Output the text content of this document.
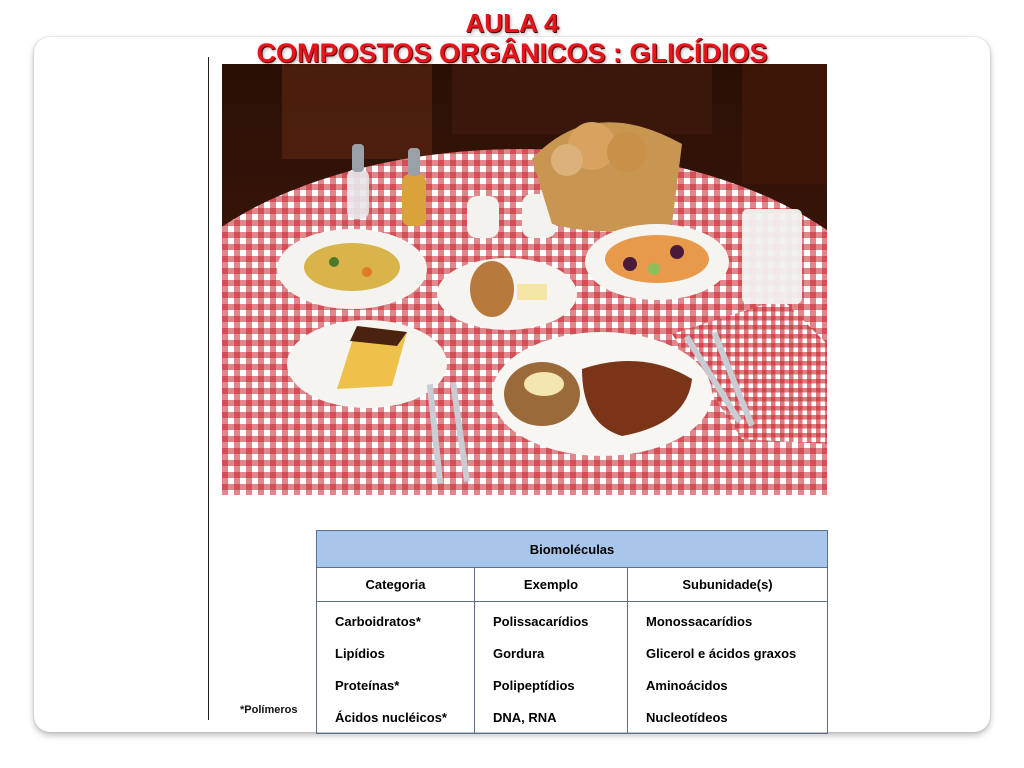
AULA 4
COMPOSTOS ORGÂNICOS : GLICÍDIOS
Biomoléculas		
Categoria	Exemplo	Subunidade(s)
Carboidratos*	Polissacarídios	Monossacarídios
Lipídios	Gordura	Glicerol e ácidos graxos
Proteínas*	Polipeptídios	Aminoácidos
Ácidos nucléicos*	DNA, RNA	Nucleotídeos
*Polímeros
